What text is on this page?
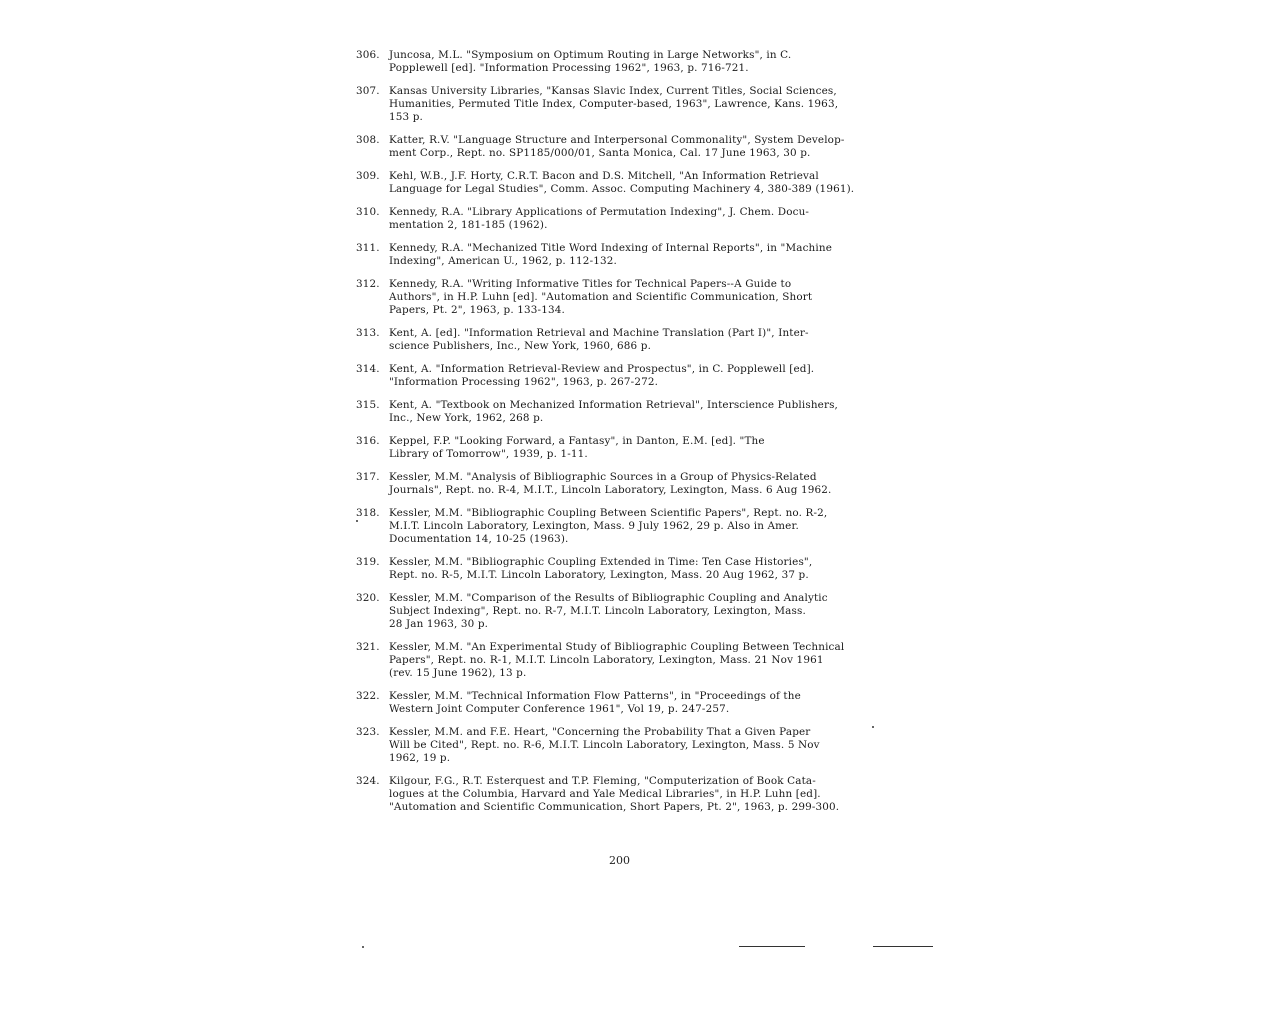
306. Juncosa, M.L. "Symposium on Optimum Routing in Large Networks", in C.
Popplewell [ed]. "Information Processing 1962", 1963, p. 716-721.
307. Kansas University Libraries, "Kansas Slavic Index, Current Titles, Social Sciences,
Humanities, Permuted Title Index, Computer-based, 1963", Lawrence, Kans. 1963,
153 p.
308. Katter, R.V. "Language Structure and Interpersonal Commonality", System Develop-
ment Corp., Rept. no. SP1185/000/01, Santa Monica, Cal. 17 June 1963, 30 p.
309. Kehl, W.B., J.F. Horty, C.R.T. Bacon and D.S. Mitchell, "An Information Retrieval
Language for Legal Studies", Comm. Assoc. Computing Machinery 4, 380-389 (1961).
310. Kennedy, R.A. "Library Applications of Permutation Indexing", J. Chem. Docu-
mentation 2, 181-185 (1962).
311. Kennedy, R.A. "Mechanized Title Word Indexing of Internal Reports", in "Machine
Indexing", American U., 1962, p. 112-132.
312. Kennedy, R.A. "Writing Informative Titles for Technical Papers--A Guide to
Authors", in H.P. Luhn [ed]. "Automation and Scientific Communication, Short
Papers, Pt. 2", 1963, p. 133-134.
313. Kent, A. [ed]. "Information Retrieval and Machine Translation (Part I)", Inter-
science Publishers, Inc., New York, 1960, 686 p.
314. Kent, A. "Information Retrieval-Review and Prospectus", in C. Popplewell [ed].
"Information Processing 1962", 1963, p. 267-272.
315. Kent, A. "Textbook on Mechanized Information Retrieval", Interscience Publishers,
Inc., New York, 1962, 268 p.
316. Keppel, F.P. "Looking Forward, a Fantasy", in Danton, E.M. [ed]. "The
Library of Tomorrow", 1939, p. 1-11.
317. Kessler, M.M. "Analysis of Bibliographic Sources in a Group of Physics-Related
Journals", Rept. no. R-4, M.I.T., Lincoln Laboratory, Lexington, Mass. 6 Aug 1962.
318. Kessler, M.M. "Bibliographic Coupling Between Scientific Papers", Rept. no. R-2,
M.I.T. Lincoln Laboratory, Lexington, Mass. 9 July 1962, 29 p. Also in Amer.
Documentation 14, 10-25 (1963).
319. Kessler, M.M. "Bibliographic Coupling Extended in Time: Ten Case Histories",
Rept. no. R-5, M.I.T. Lincoln Laboratory, Lexington, Mass. 20 Aug 1962, 37 p.
320. Kessler, M.M. "Comparison of the Results of Bibliographic Coupling and Analytic
Subject Indexing", Rept. no. R-7, M.I.T. Lincoln Laboratory, Lexington, Mass.
28 Jan 1963, 30 p.
321. Kessler, M.M. "An Experimental Study of Bibliographic Coupling Between Technical
Papers", Rept. no. R-1, M.I.T. Lincoln Laboratory, Lexington, Mass. 21 Nov 1961
(rev. 15 June 1962), 13 p.
322. Kessler, M.M. "Technical Information Flow Patterns", in "Proceedings of the
Western Joint Computer Conference 1961", Vol 19, p. 247-257.
323. Kessler, M.M. and F.E. Heart, "Concerning the Probability That a Given Paper
Will be Cited", Rept. no. R-6, M.I.T. Lincoln Laboratory, Lexington, Mass. 5 Nov
1962, 19 p.
324. Kilgour, F.G., R.T. Esterquest and T.P. Fleming, "Computerization of Book Cata-
logues at the Columbia, Harvard and Yale Medical Libraries", in H.P. Luhn [ed].
"Automation and Scientific Communication, Short Papers, Pt. 2", 1963, p. 299-300.
200
